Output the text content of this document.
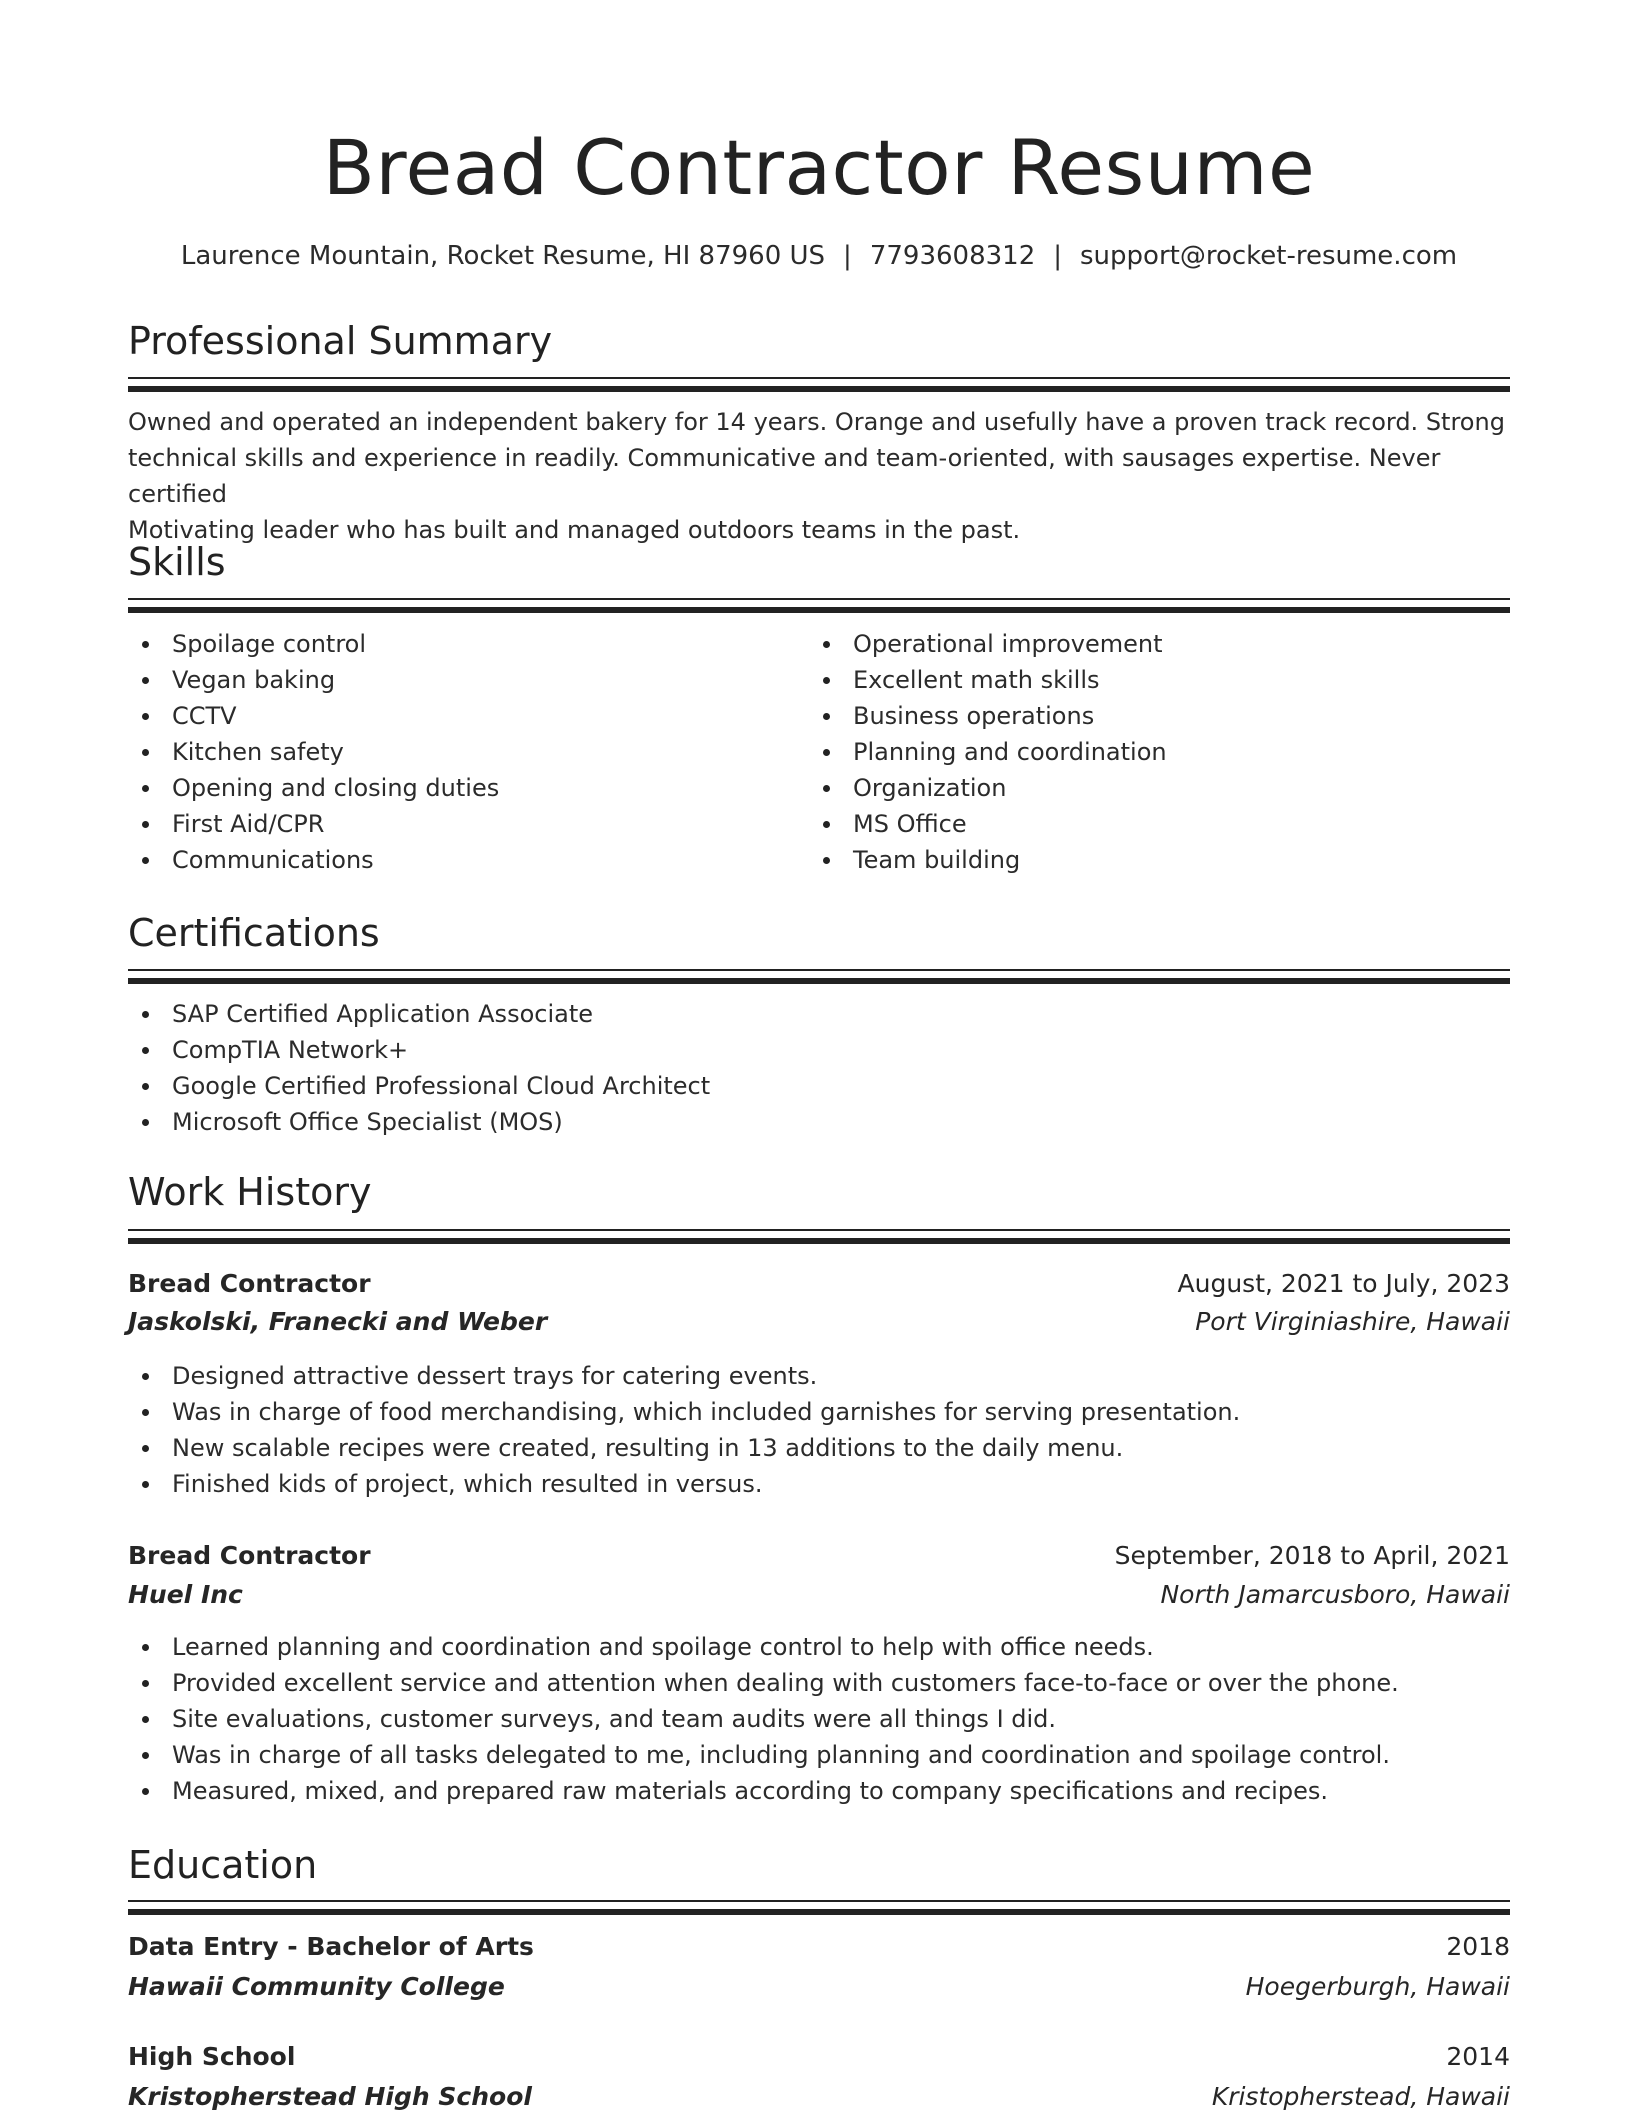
Bread Contractor Resume
Laurence Mountain, Rocket Resume, HI 87960 US | 7793608312 | support@rocket-resume.com
Professional Summary
Owned and operated an independent bakery for 14 years. Orange and usefully have a proven track record. Strong
technical skills and experience in readily. Communicative and team-oriented, with sausages expertise. Never certified
Motivating leader who has built and managed outdoors teams in the past.
Skills
Spoilage control
Vegan baking
CCTV
Kitchen safety
Opening and closing duties
First Aid/CPR
Communications
Operational improvement
Excellent math skills
Business operations
Planning and coordination
Organization
MS Office
Team building
Certifications
SAP Certified Application Associate
CompTIA Network+
Google Certified Professional Cloud Architect
Microsoft Office Specialist (MOS)
Work History
Bread Contractor	August, 2021 to July, 2023
Jaskolski, Franecki and Weber	Port Virginiashire, Hawaii
Designed attractive dessert trays for catering events.
Was in charge of food merchandising, which included garnishes for serving presentation.
New scalable recipes were created, resulting in 13 additions to the daily menu.
Finished kids of project, which resulted in versus.
Bread Contractor	September, 2018 to April, 2021
Huel Inc	North Jamarcusboro, Hawaii
Learned planning and coordination and spoilage control to help with office needs.
Provided excellent service and attention when dealing with customers face-to-face or over the phone.
Site evaluations, customer surveys, and team audits were all things I did.
Was in charge of all tasks delegated to me, including planning and coordination and spoilage control.
Measured, mixed, and prepared raw materials according to company specifications and recipes.
Education
Data Entry - Bachelor of Arts	2018
Hawaii Community College	Hoegerburgh, Hawaii
High School	2014
Kristopherstead High School	Kristopherstead, Hawaii
